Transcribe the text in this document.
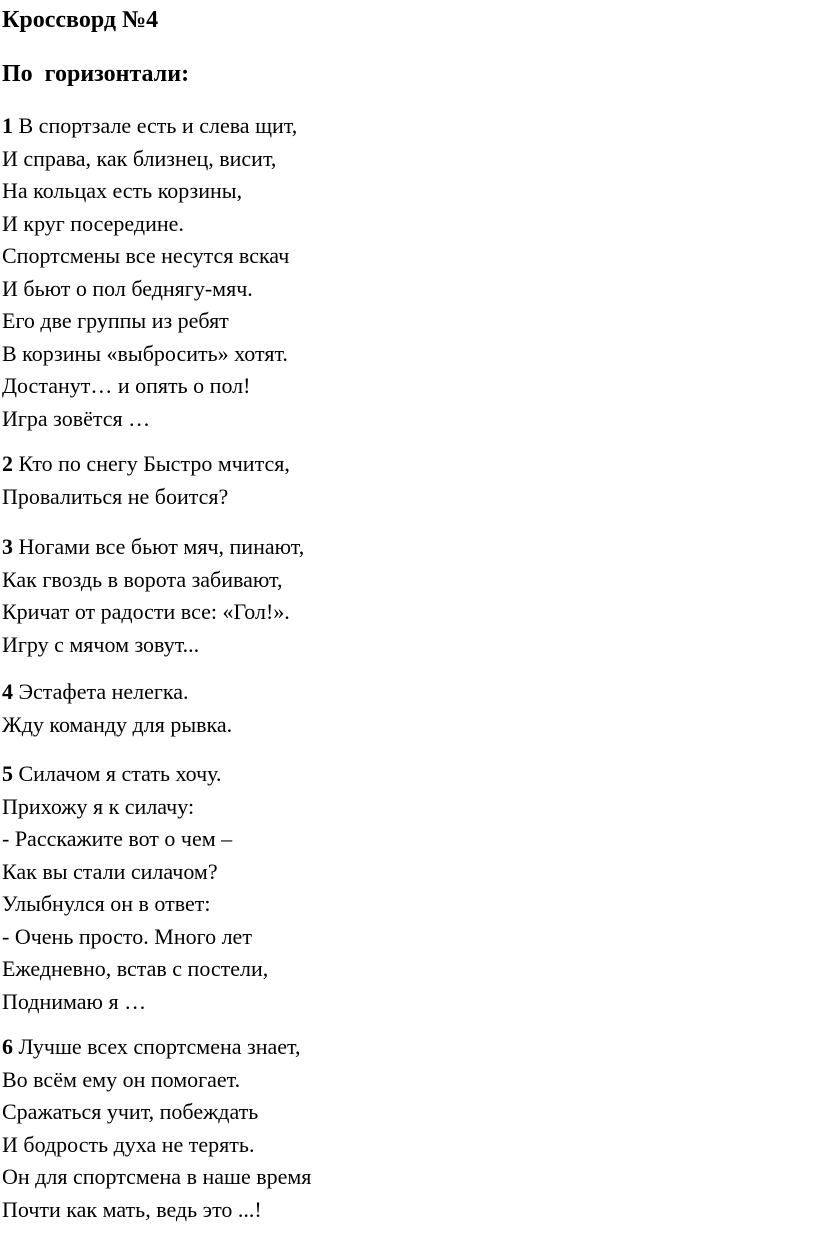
Кроссворд №4
По  горизонтали:
1 В спортзале есть и слева щит,
И справа, как близнец, висит,
На кольцах есть корзины,
И круг посередине.
Спортсмены все несутся вскач
И бьют о пол беднягу-мяч.
Его две группы из ребят
В корзины «выбросить» хотят.
Достанут… и опять о пол!
Игра зовётся …
2 Кто по снегу Быстро мчится,
Провалиться не боится?
3 Ногами все бьют мяч, пинают,
Как гвоздь в ворота забивают,
Кричат от радости все: «Гол!».
Игру с мячом зовут...
4 Эстафета нелегка.
Жду команду для рывка.
5 Силачом я стать хочу.
Прихожу я к силачу:
- Расскажите вот о чем –
Как вы стали силачом?
Улыбнулся он в ответ:
- Очень просто. Много лет
Ежедневно, встав с постели,
Поднимаю я …
6 Лучше всех спортсмена знает,
Во всём ему он помогает.
Сражаться учит, побеждать
И бодрость духа не терять.
Он для спортсмена в наше время
Почти как мать, ведь это ...!
